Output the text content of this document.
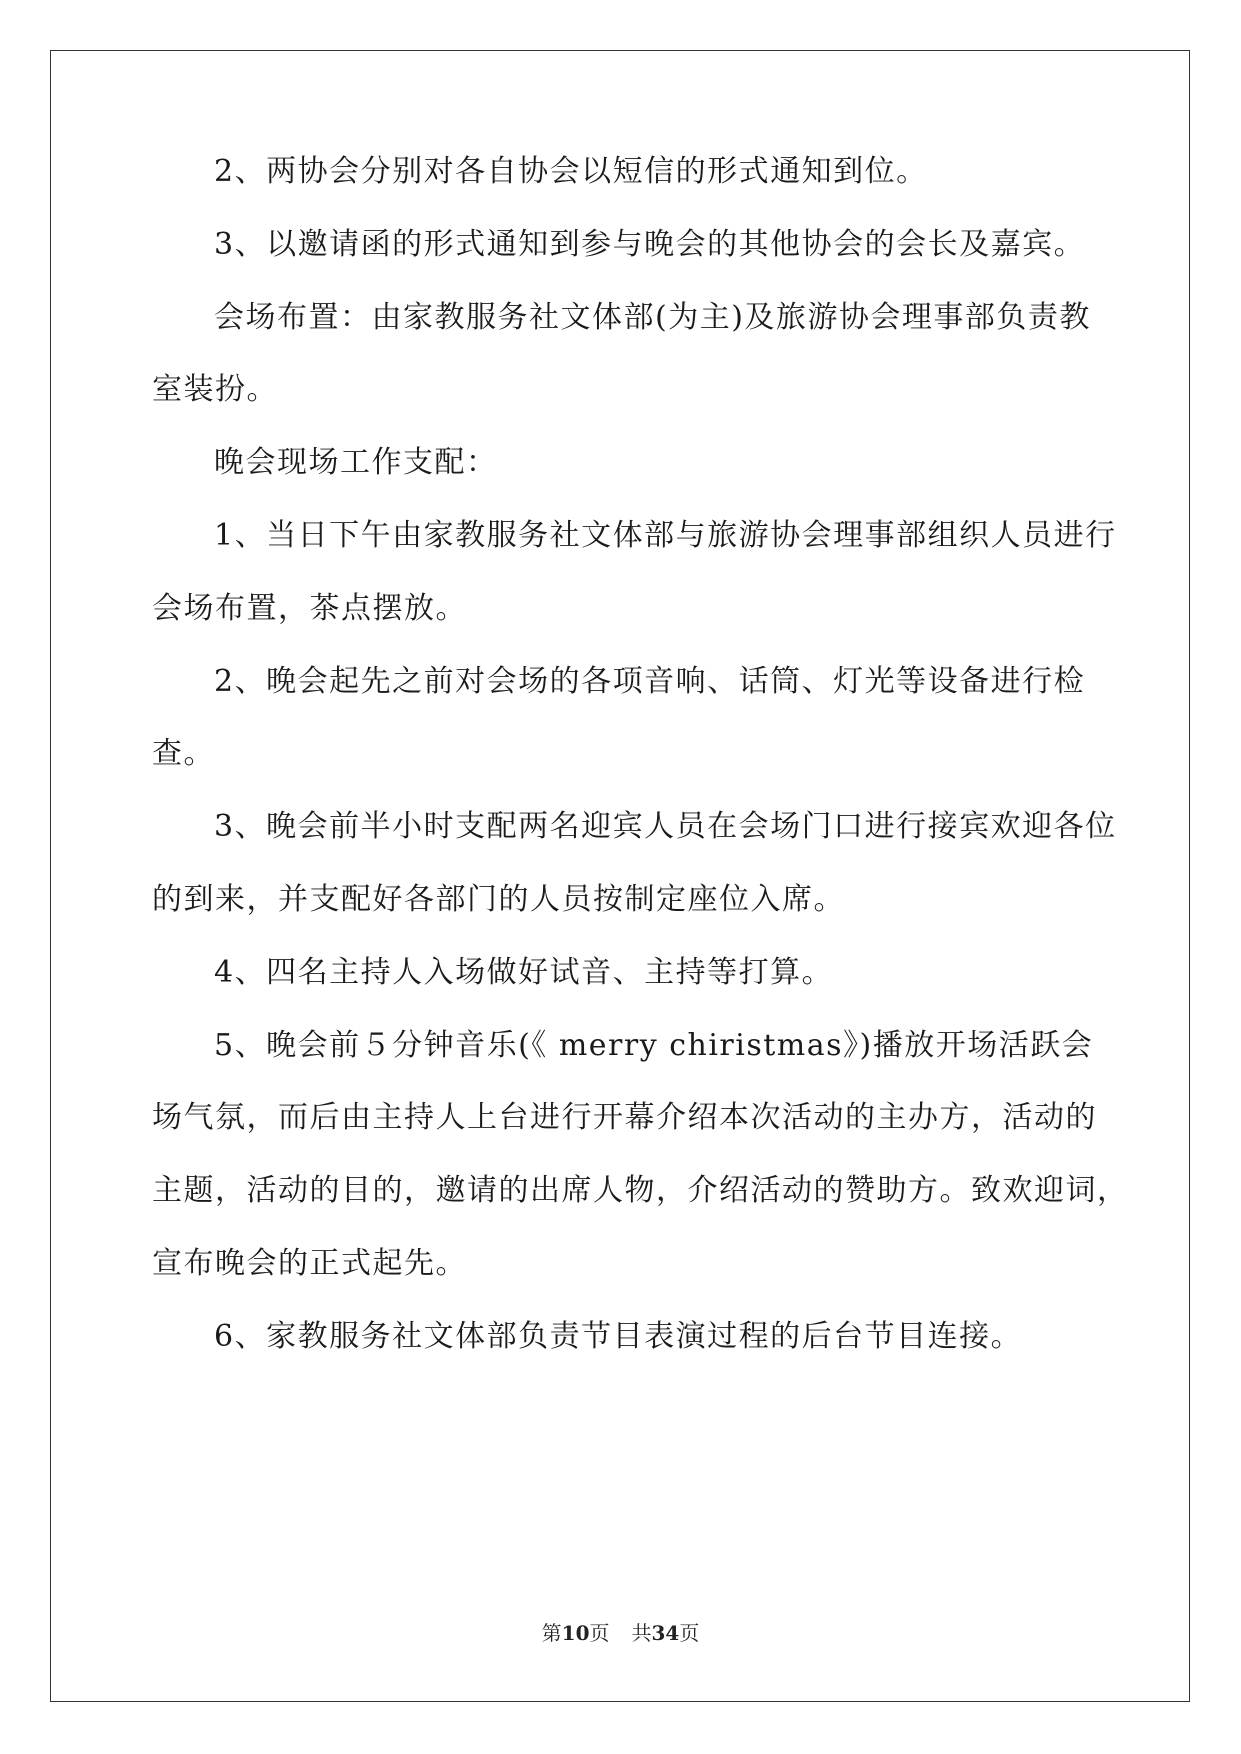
2、两协会分别对各自协会以短信的形式通知到位。
3、以邀请函的形式通知到参与晚会的其他协会的会长及嘉宾。
会场布置：由家教服务社文体部(为主)及旅游协会理事部负责教
室装扮。
晚会现场工作支配：
1、当日下午由家教服务社文体部与旅游协会理事部组织人员进行
会场布置，茶点摆放。
2、晚会起先之前对会场的各项音响、话筒、灯光等设备进行检
查。
3、晚会前半小时支配两名迎宾人员在会场门口进行接宾欢迎各位
的到来，并支配好各部门的人员按制定座位入席。
4、四名主持人入场做好试音、主持等打算。
5、晚会前５分钟音乐(《 merry chiristmas》)播放开场活跃会
场气氛，而后由主持人上台进行开幕介绍本次活动的主办方，活动的
主题，活动的目的，邀请的出席人物，介绍活动的赞助方。致欢迎词，
宣布晚会的正式起先。
6、家教服务社文体部负责节目表演过程的后台节目连接。
第10页 共34页
